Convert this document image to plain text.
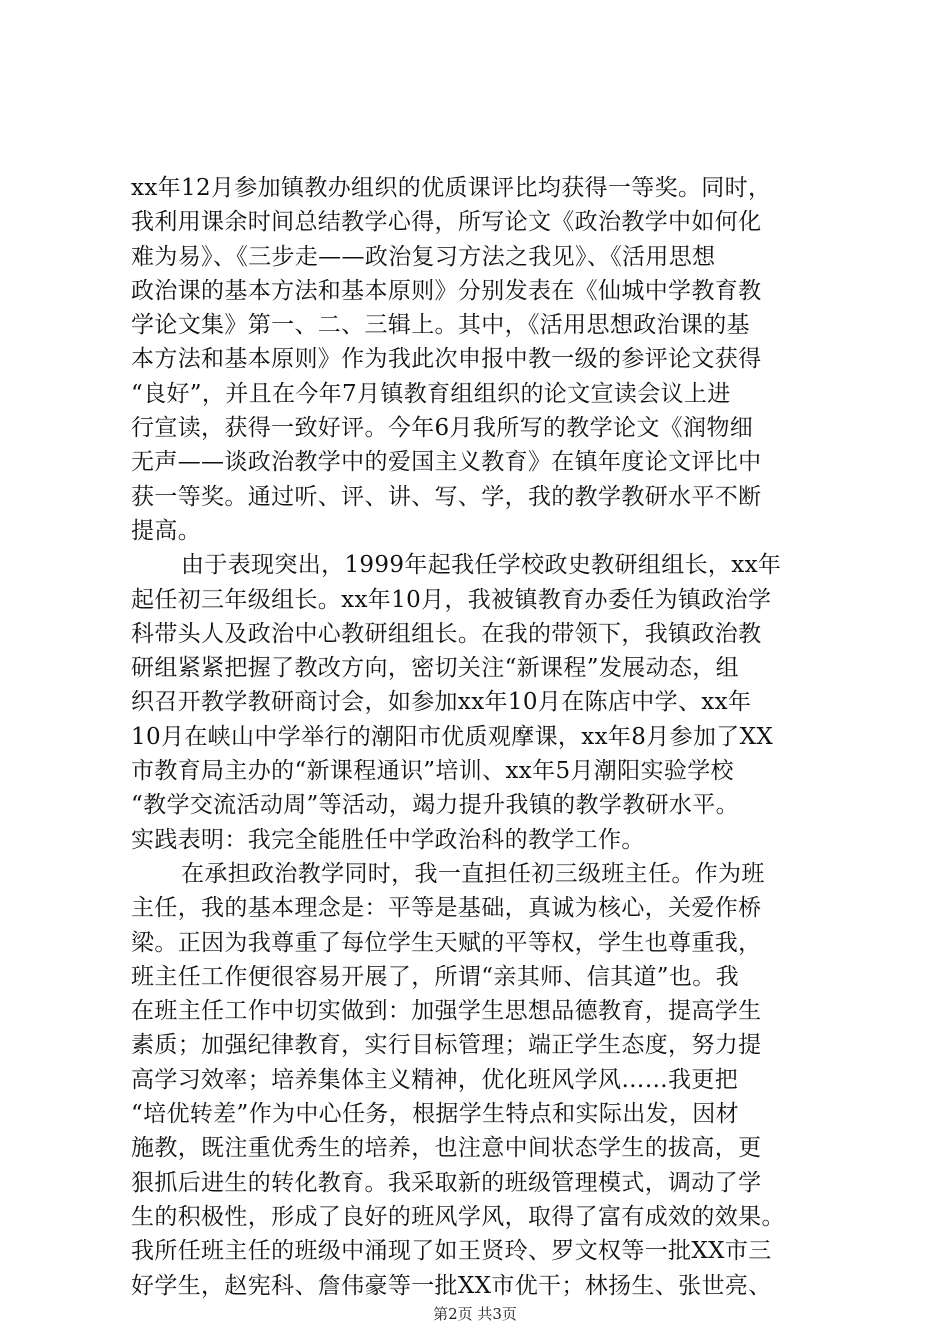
xx年12月参加镇教办组织的优质课评比均获得一等奖。同时，
我利用课余时间总结教学心得，所写论文《政治教学中如何化
难为易》、《三步走——政治复习方法之我见》、《活用思想
政治课的基本方法和基本原则》分别发表在《仙城中学教育教
学论文集》第一、二、三辑上。其中，《活用思想政治课的基
本方法和基本原则》作为我此次申报中教一级的参评论文获得
“良好”，并且在今年7月镇教育组组织的论文宣读会议上进
行宣读，获得一致好评。今年6月我所写的教学论文《润物细
无声——谈政治教学中的爱国主义教育》在镇年度论文评比中
获一等奖。通过听、评、讲、写、学，我的教学教研水平不断
提高。
由于表现突出，1999年起我任学校政史教研组组长，xx年
起任初三年级组长。xx年10月，我被镇教育办委任为镇政治学
科带头人及政治中心教研组组长。在我的带领下，我镇政治教
研组紧紧把握了教改方向，密切关注“新课程”发展动态，组
织召开教学教研商讨会，如参加xx年10月在陈店中学、xx年
10月在峡山中学举行的潮阳市优质观摩课，xx年8月参加了XX
市教育局主办的“新课程通识”培训、xx年5月潮阳实验学校
“教学交流活动周”等活动，竭力提升我镇的教学教研水平。
实践表明：我完全能胜任中学政治科的教学工作。
在承担政治教学同时，我一直担任初三级班主任。作为班
主任，我的基本理念是：平等是基础，真诚为核心，关爱作桥
梁。正因为我尊重了每位学生天赋的平等权，学生也尊重我，
班主任工作便很容易开展了，所谓“亲其师、信其道”也。我
在班主任工作中切实做到：加强学生思想品德教育，提高学生
素质；加强纪律教育，实行目标管理；端正学生态度，努力提
高学习效率；培养集体主义精神，优化班风学风……我更把
“培优转差”作为中心任务，根据学生特点和实际出发，因材
施教，既注重优秀生的培养，也注意中间状态学生的拔高，更
狠抓后进生的转化教育。我采取新的班级管理模式，调动了学
生的积极性，形成了良好的班风学风，取得了富有成效的效果。
我所任班主任的班级中涌现了如王贤玲、罗文权等一批XX市三
好学生，赵宪科、詹伟豪等一批XX市优干；林扬生、张世亮、
第2页 共3页
